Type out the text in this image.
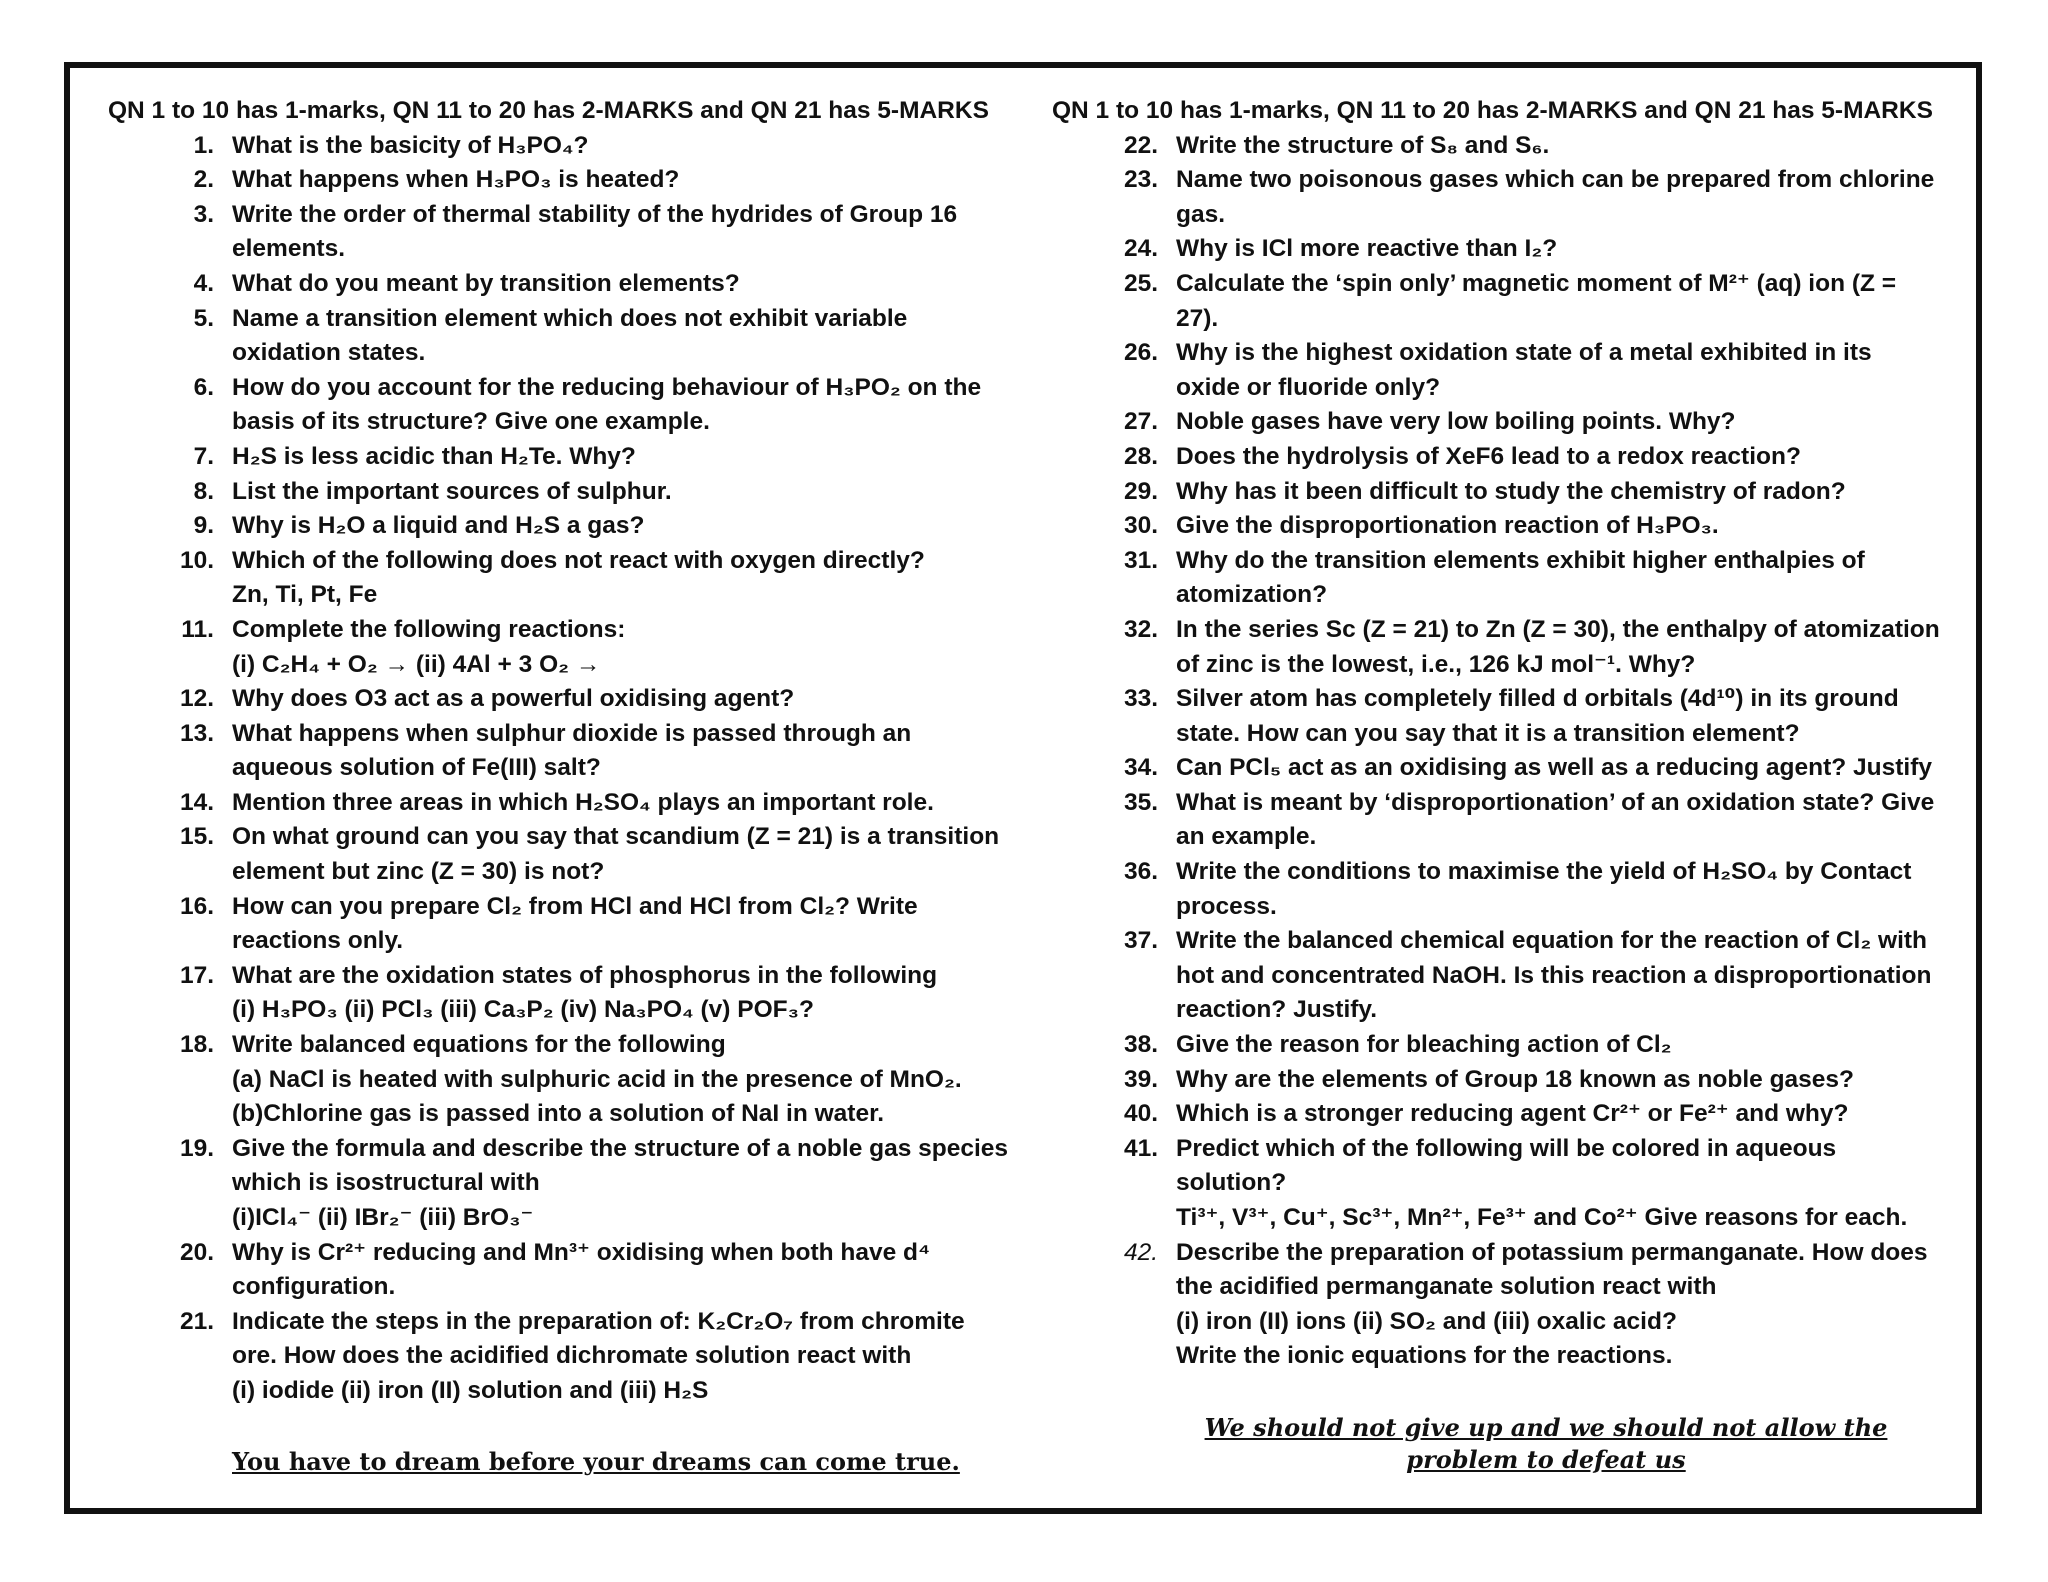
QN 1 to 10 has 1-marks, QN 11 to 20 has 2-MARKS and QN 21 has 5-MARKS
1. What is the basicity of H₃PO₄?
2. What happens when H₃PO₃ is heated?
3. Write the order of thermal stability of the hydrides of Group 16
elements.
4. What do you meant by transition elements?
5. Name a transition element which does not exhibit variable
oxidation states.
6. How do you account for the reducing behaviour of H₃PO₂ on the
basis of its structure? Give one example.
7. H₂S is less acidic than H₂Te. Why?
8. List the important sources of sulphur.
9. Why is H₂O a liquid and H₂S a gas?
10. Which of the following does not react with oxygen directly?
Zn, Ti, Pt, Fe
11. Complete the following reactions:
(i) C₂H₄ + O₂ → (ii) 4Al + 3 O₂ →
12. Why does O3 act as a powerful oxidising agent?
13. What happens when sulphur dioxide is passed through an
aqueous solution of Fe(III) salt?
14. Mention three areas in which H₂SO₄ plays an important role.
15. On what ground can you say that scandium (Z = 21) is a transition
element but zinc (Z = 30) is not?
16. How can you prepare Cl₂ from HCl and HCl from Cl₂? Write
reactions only.
17. What are the oxidation states of phosphorus in the following
(i) H₃PO₃ (ii) PCl₃ (iii) Ca₃P₂ (iv) Na₃PO₄ (v) POF₃?
18. Write balanced equations for the following
(a) NaCl is heated with sulphuric acid in the presence of MnO₂.
(b)Chlorine gas is passed into a solution of NaI in water.
19. Give the formula and describe the structure of a noble gas species
which is isostructural with
(i)ICl₄⁻ (ii) IBr₂⁻ (iii) BrO₃⁻
20. Why is Cr²⁺ reducing and Mn³⁺ oxidising when both have d⁴
configuration.
21. Indicate the steps in the preparation of: K₂Cr₂O₇ from chromite
ore. How does the acidified dichromate solution react with
(i) iodide (ii) iron (II) solution and (iii) H₂S
You have to dream before your dreams can come true.
QN 1 to 10 has 1-marks, QN 11 to 20 has 2-MARKS and QN 21 has 5-MARKS
22. Write the structure of S₈ and S₆.
23. Name two poisonous gases which can be prepared from chlorine
gas.
24. Why is ICl more reactive than I₂?
25. Calculate the ‘spin only’ magnetic moment of M²⁺ (aq) ion (Z =
27).
26. Why is the highest oxidation state of a metal exhibited in its
oxide or fluoride only?
27. Noble gases have very low boiling points. Why?
28. Does the hydrolysis of XeF6 lead to a redox reaction?
29. Why has it been difficult to study the chemistry of radon?
30. Give the disproportionation reaction of H₃PO₃.
31. Why do the transition elements exhibit higher enthalpies of
atomization?
32. In the series Sc (Z = 21) to Zn (Z = 30), the enthalpy of atomization
of zinc is the lowest, i.e., 126 kJ mol⁻¹. Why?
33. Silver atom has completely filled d orbitals (4d¹⁰) in its ground
state. How can you say that it is a transition element?
34. Can PCl₅ act as an oxidising as well as a reducing agent? Justify
35. What is meant by ‘disproportionation’ of an oxidation state? Give
an example.
36. Write the conditions to maximise the yield of H₂SO₄ by Contact
process.
37. Write the balanced chemical equation for the reaction of Cl₂ with
hot and concentrated NaOH. Is this reaction a disproportionation
reaction? Justify.
38. Give the reason for bleaching action of Cl₂
39. Why are the elements of Group 18 known as noble gases?
40. Which is a stronger reducing agent Cr²⁺ or Fe²⁺ and why?
41. Predict which of the following will be colored in aqueous
solution?
Ti³⁺, V³⁺, Cu⁺, Sc³⁺, Mn²⁺, Fe³⁺ and Co²⁺ Give reasons for each.
42. Describe the preparation of potassium permanganate. How does
the acidified permanganate solution react with
(i) iron (II) ions (ii) SO₂ and (iii) oxalic acid?
Write the ionic equations for the reactions.
We should not give up and we should not allow the problem to defeat us
